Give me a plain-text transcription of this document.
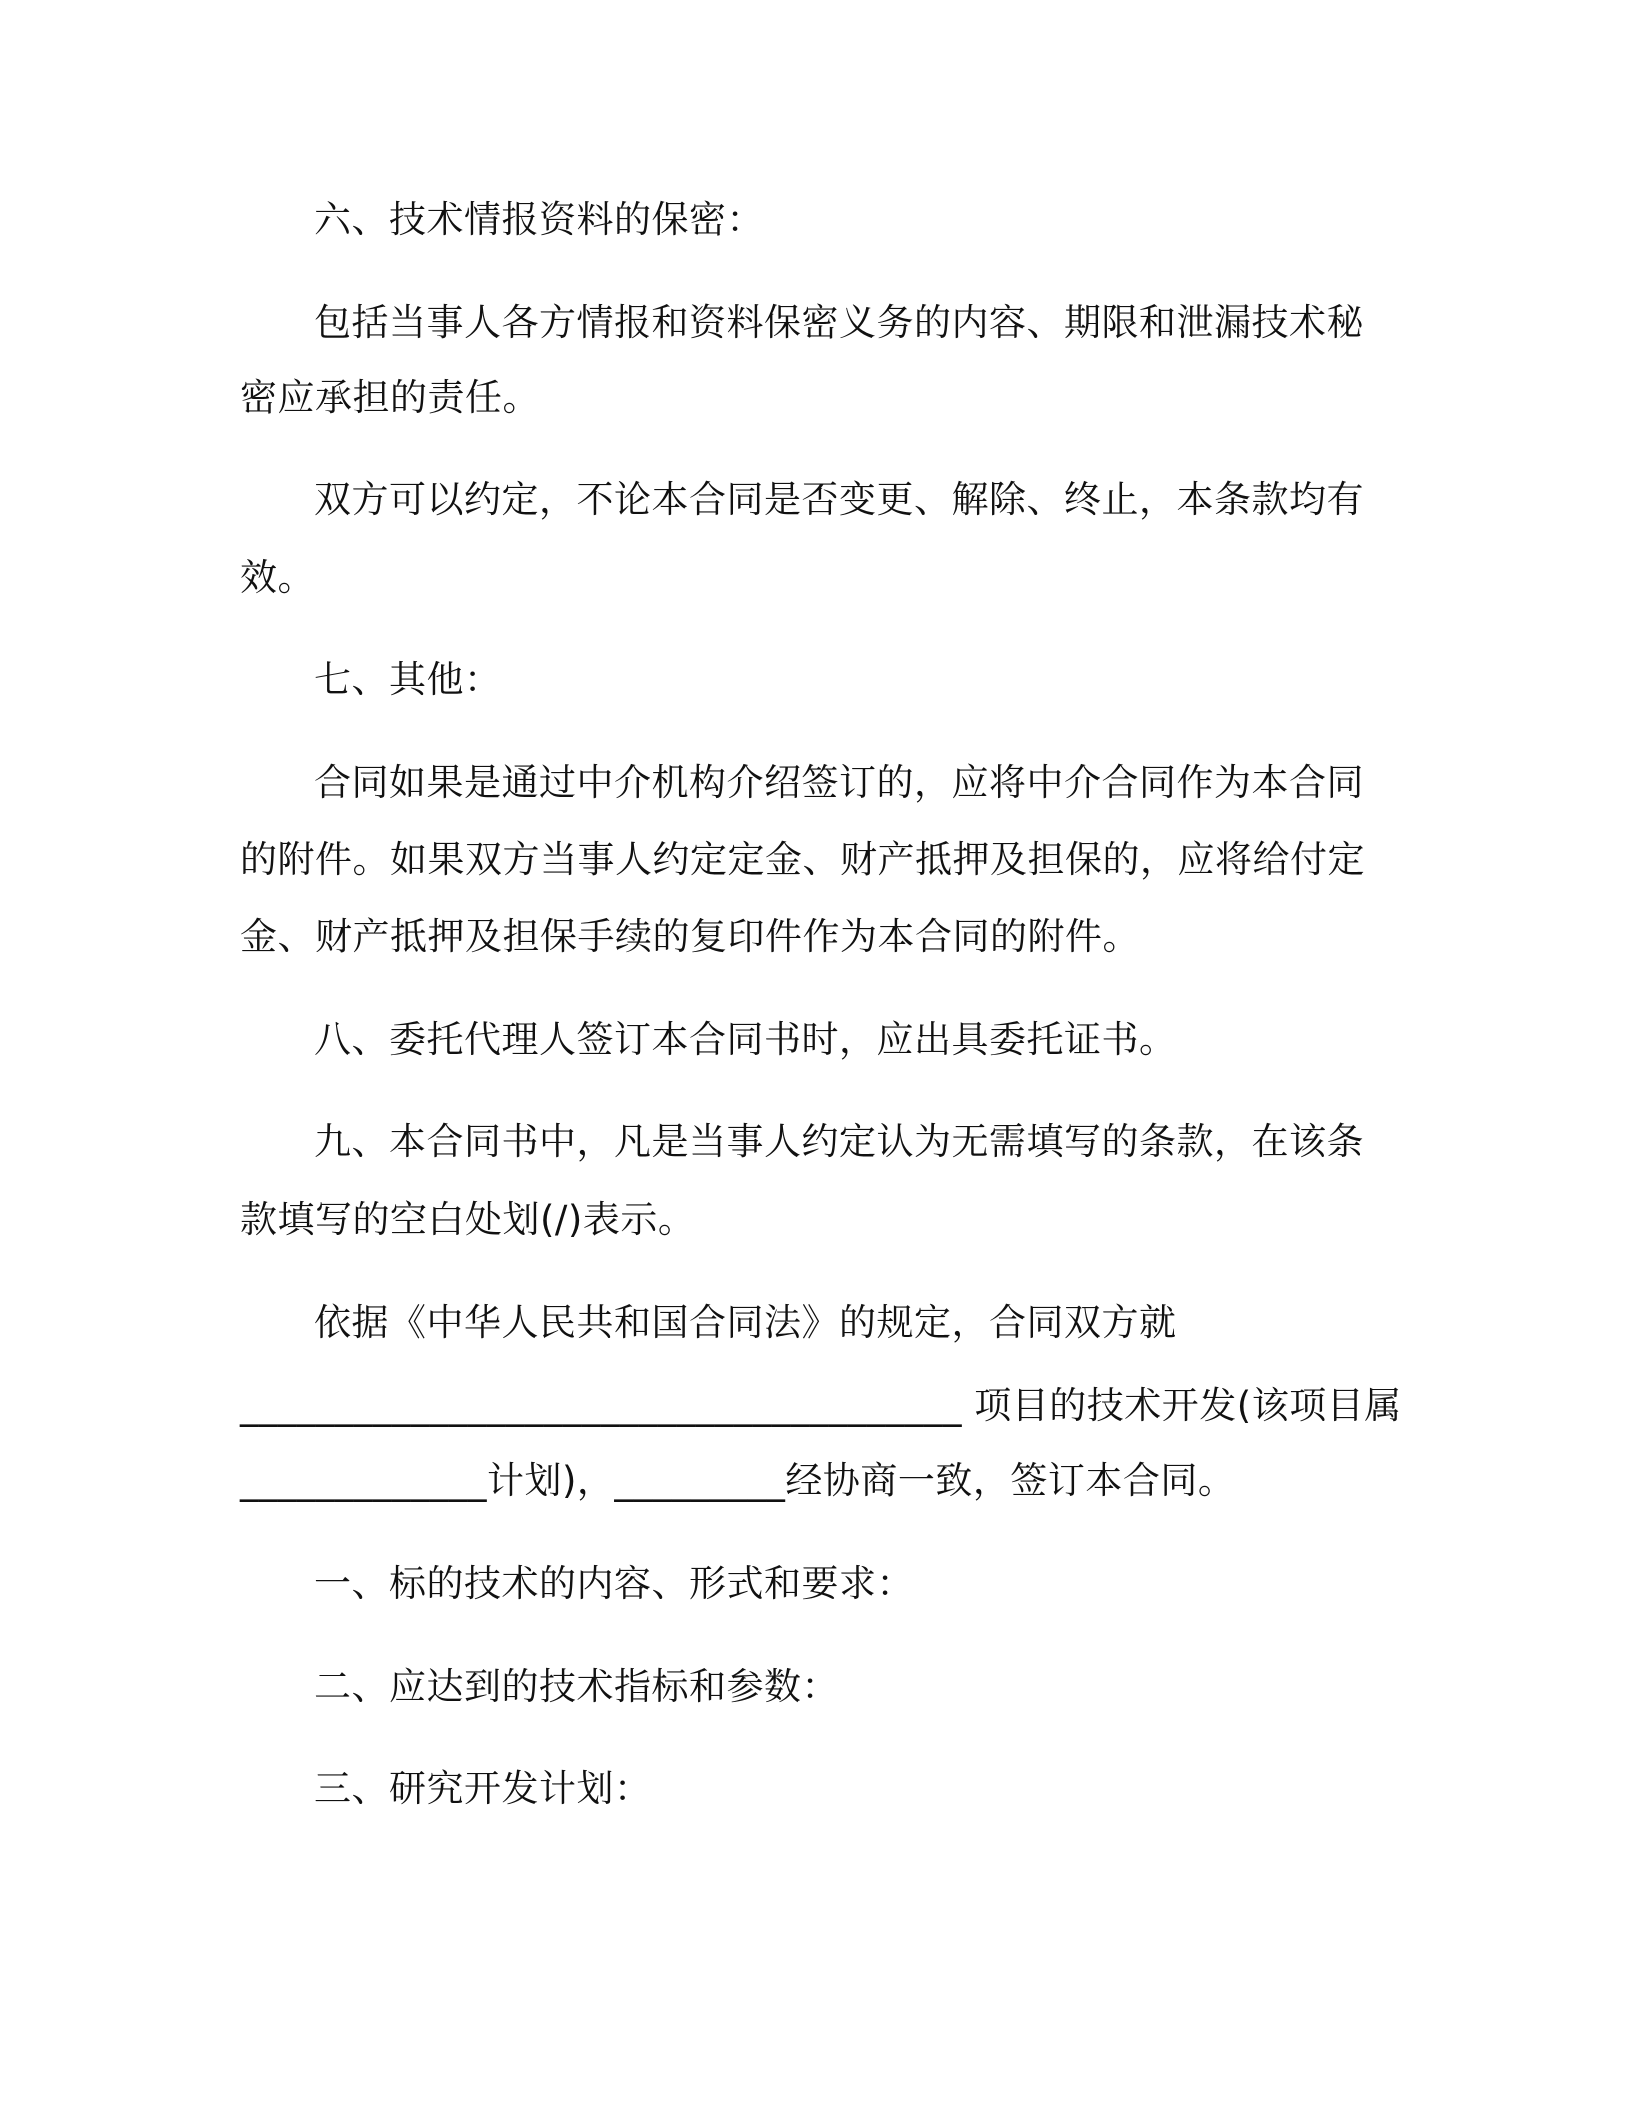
六、技术情报资料的保密：
包括当事人各方情报和资料保密义务的内容、期限和泄漏技术秘
密应承担的责任。
双方可以约定，不论本合同是否变更、解除、终止，本条款均有
效。
七、其他：
合同如果是通过中介机构介绍签订的，应将中介合同作为本合同
的附件。如果双方当事人约定定金、财产抵押及担保的，应将给付定
金、财产抵押及担保手续的复印件作为本合同的附件。
八、委托代理人签订本合同书时，应出具委托证书。
九、本合同书中，凡是当事人约定认为无需填写的条款，在该条
款填写的空白处划(/)表示。
依据《中华人民共和国合同法》的规定，合同双方就
______________________________________ 项目的技术开发(该项目属
_____________计划)，_________经协商一致，签订本合同。
一、标的技术的内容、形式和要求：
二、应达到的技术指标和参数：
三、研究开发计划：
